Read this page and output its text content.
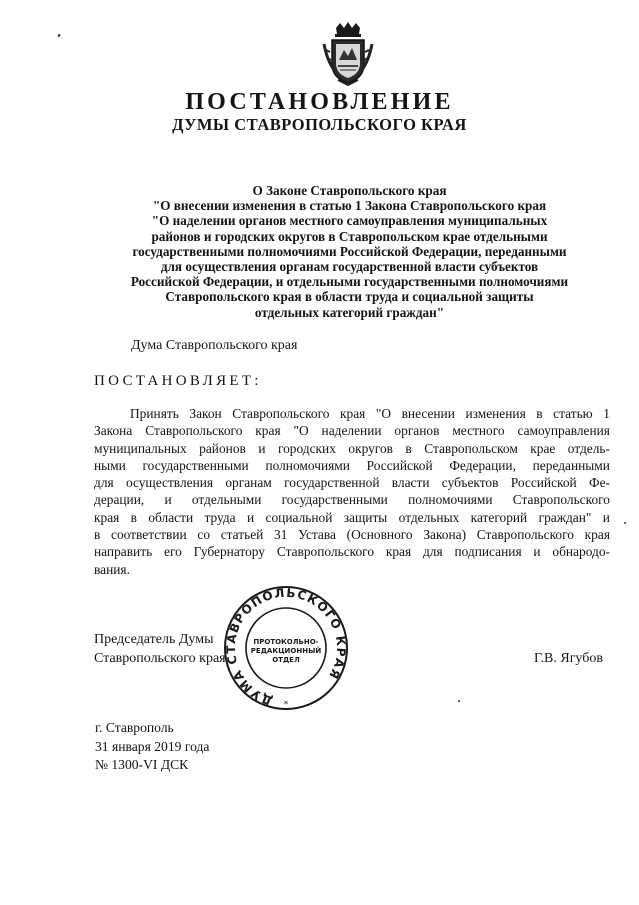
ПОСТАНОВЛЕНИЕ
ДУМЫ СТАВРОПОЛЬСКОГО КРАЯ
О Законе Ставропольского края
"О внесении изменения в статью 1 Закона Ставропольского края
"О наделении органов местного самоуправления муниципальных
районов и городских округов в Ставропольском крае отдельными
государственными полномочиями Российской Федерации, переданными
для осуществления органам государственной власти субъектов
Российской Федерации, и отдельными государственными полномочиями
Ставропольского края в области труда и социальной защиты
отдельных категорий граждан"
Дума Ставропольского края
ПОСТАНОВЛЯЕТ:
Принять Закон Ставропольского края "О внесении изменения в статью 1
Закона Ставропольского края "О наделении органов местного самоуправления
муниципальных районов и городских округов в Ставропольском крае отдель-
ными государственными полномочиями Российской Федерации, переданными
для осуществления органам государственной власти субъектов Российской Фе-
дерации, и отдельными государственными полномочиями Ставропольского
края в области труда и социальной защиты отдельных категорий граждан" и
в соответствии со статьей 31 Устава (Основного Закона) Ставропольского края
направить его Губернатору Ставропольского края для подписания и обнародо-
вания.
Председатель Думы
Ставропольского края	Г.В. Ягубов
ДУМА СТАВРОПОЛЬСКОГО КРАЯ
ПРОТОКОЛЬНО-
РЕДАКЦИОННЫЙ
ОТДЕЛ
*
г. Ставрополь
31 января 2019 года
№ 1300-VI ДСК
